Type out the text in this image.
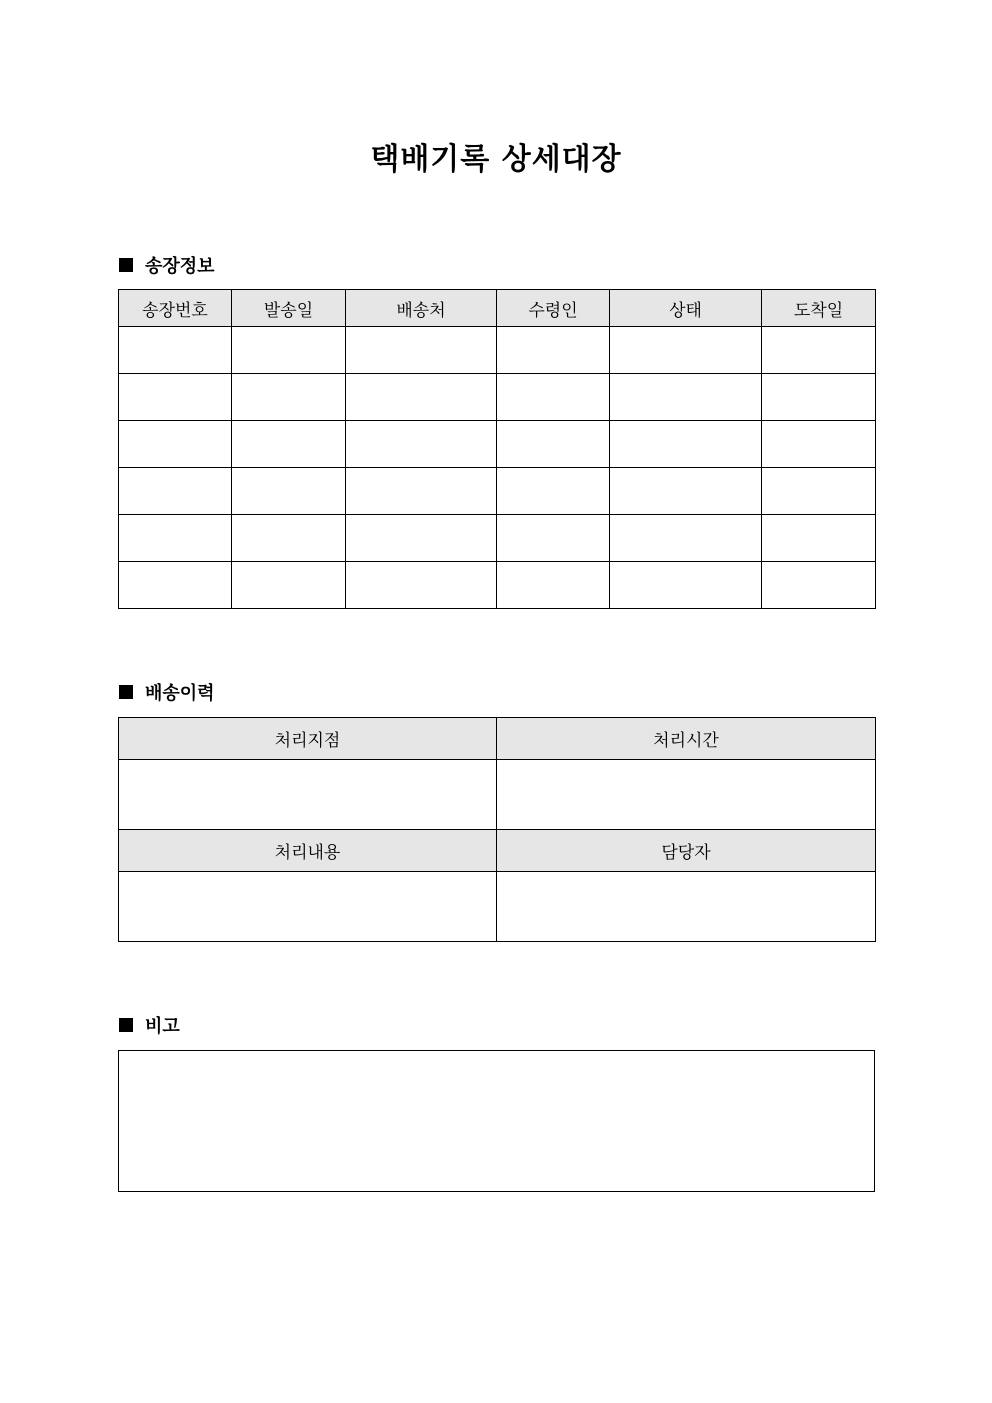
택배기록 상세대장
송장정보
송장번호	발송일	배송처	수령인	상태	도착일

배송이력
처리지점	처리시간

처리내용	담당자

비고
